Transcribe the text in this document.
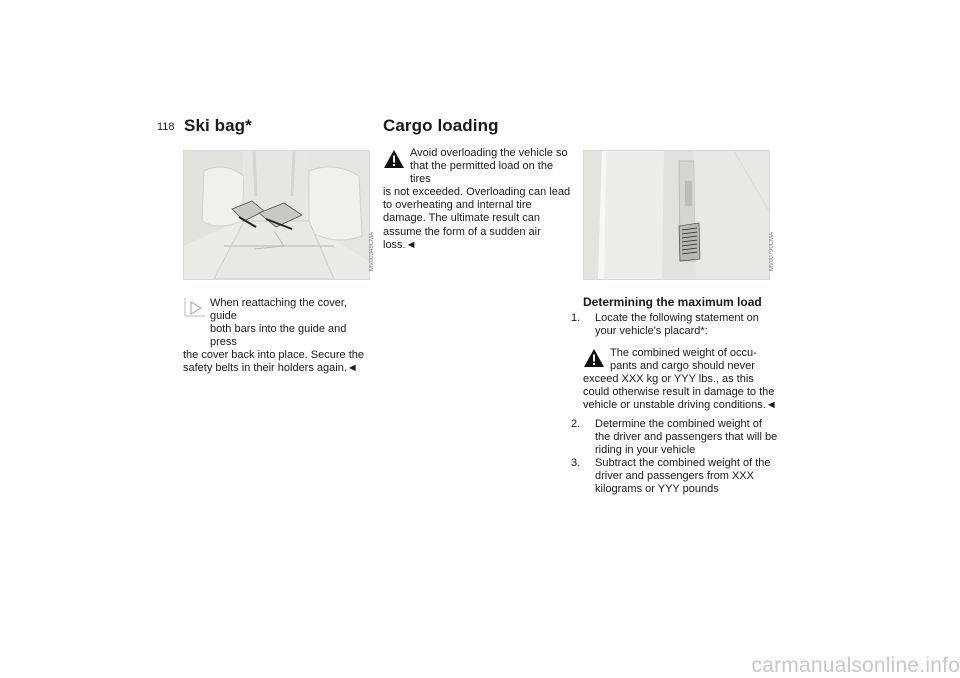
118 Ski bag*
MV00348CMA

When reattaching the cover, guide

both bars into the guide and press

the cover back into place. Secure the safety belts in their holders again.◄

Cargo loading

Avoid overloading the vehicle so

that the permitted load on the tires

is not exceeded. Overloading can lead to overheating and internal tire damage. The ultimate result can assume the form of a sudden air loss.◄	MV00790CMA
Determining the maximum load

1. Locate the following statement on your vehicle's placard*:

The combined weight of occu-

pants and cargo should never

exceed XXX kg or YYY lbs., as this could otherwise result in damage to the vehicle or unstable driving conditions.◄

2. Determine the combined weight of the driver and passengers that will be riding in your vehicle

3. Subtract the combined weight of the driver and passengers from XXX kilograms or YYY pounds

carmanualsonline.info
